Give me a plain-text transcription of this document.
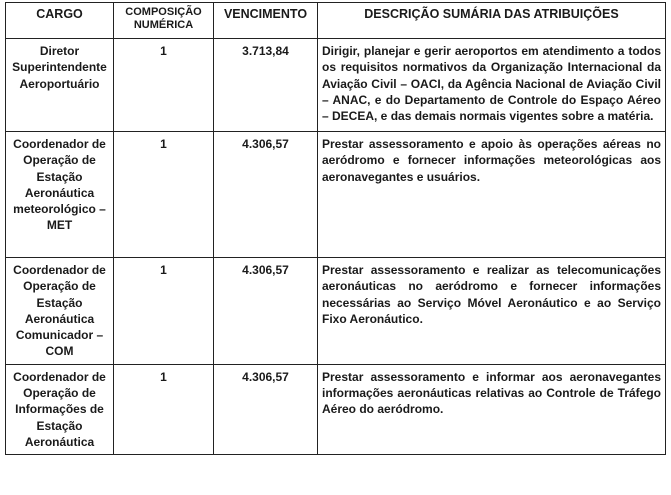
CARGO	COMPOSIÇÃO NUMÉRICA	VENCIMENTO	DESCRIÇÃO SUMÁRIA DAS ATRIBUIÇÕES
Diretor Superintendente Aeroportuário	1	3.713,84	Dirigir, planejar e gerir aeroportos em atendimento a todos os requisitos normativos da Organização Internacional da Aviação Civil – OACI, da Agência Nacional de Aviação Civil – ANAC, e do Departamento de Controle do Espaço Aéreo – DECEA, e das demais normais vigentes sobre a matéria.
Coordenador de Operação de Estação Aeronáutica meteorológico – MET	1	4.306,57	Prestar assessoramento e apoio às operações aéreas no aeródromo e fornecer informações meteorológicas aos aeronavegantes e usuários.
Coordenador de Operação de Estação Aeronáutica Comunicador – COM	1	4.306,57	Prestar assessoramento e realizar as telecomunicações aeronáuticas no aeródromo e fornecer informações necessárias ao Serviço Móvel Aeronáutico e ao Serviço Fixo Aeronáutico.
Coordenador de Operação de Informações de Estação Aeronáutica	1	4.306,57	Prestar assessoramento e informar aos aeronavegantes informações aeronáuticas relativas ao Controle de Tráfego Aéreo do aeródromo.
